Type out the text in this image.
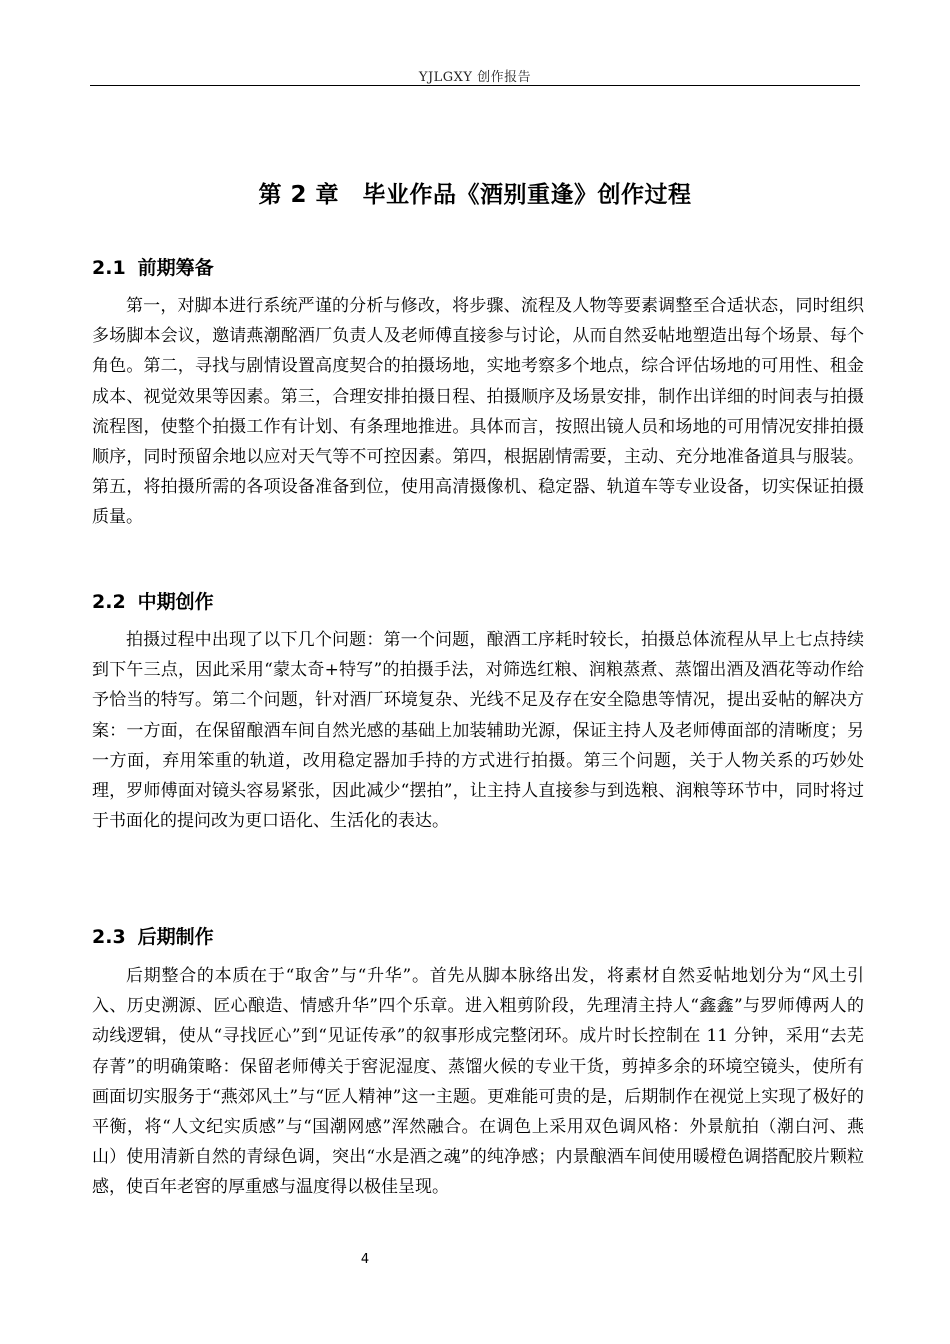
YJLGXY 创作报告
第 2 章　毕业作品《酒别重逢》创作过程
2.1 前期筹备

第一，对脚本进行系统严谨的分析与修改，将步骤、流程及人物等要素调整至合适状态，同时组织多场脚本会议，邀请燕潮酩酒厂负责人及老师傅直接参与讨论，从而自然妥帖地塑造出每个场景、每个角色。第二，寻找与剧情设置高度契合的拍摄场地，实地考察多个地点，综合评估场地的可用性、租金成本、视觉效果等因素。第三，合理安排拍摄日程、拍摄顺序及场景安排，制作出详细的时间表与拍摄流程图，使整个拍摄工作有计划、有条理地推进。具体而言，按照出镜人员和场地的可用情况安排拍摄顺序，同时预留余地以应对天气等不可控因素。第四，根据剧情需要，主动、充分地准备道具与服装。第五，将拍摄所需的各项设备准备到位，使用高清摄像机、稳定器、轨道车等专业设备，切实保证拍摄质量。

2.2 中期创作

拍摄过程中出现了以下几个问题：第一个问题，酿酒工序耗时较长，拍摄总体流程从早上七点持续到下午三点，因此采用“蒙太奇+特写”的拍摄手法，对筛选红粮、润粮蒸煮、蒸馏出酒及酒花等动作给予恰当的特写。第二个问题，针对酒厂环境复杂、光线不足及存在安全隐患等情况，提出妥帖的解决方案：一方面，在保留酿酒车间自然光感的基础上加装辅助光源，保证主持人及老师傅面部的清晰度；另一方面，弃用笨重的轨道，改用稳定器加手持的方式进行拍摄。第三个问题，关于人物关系的巧妙处理，罗师傅面对镜头容易紧张，因此减少“摆拍”，让主持人直接参与到选粮、润粮等环节中，同时将过于书面化的提问改为更口语化、生活化的表达。

2.3 后期制作

后期整合的本质在于“取舍”与“升华”。首先从脚本脉络出发，将素材自然妥帖地划分为“风土引入、历史溯源、匠心酿造、情感升华”四个乐章。进入粗剪阶段，先理清主持人“鑫鑫”与罗师傅两人的动线逻辑，使从“寻找匠心”到“见证传承”的叙事形成完整闭环。成片时长控制在 11 分钟，采用“去芜存菁”的明确策略：保留老师傅关于窖泥湿度、蒸馏火候的专业干货，剪掉多余的环境空镜头，使所有画面切实服务于“燕郊风土”与“匠人精神”这一主题。更难能可贵的是，后期制作在视觉上实现了极好的平衡，将“人文纪实质感”与“国潮网感”浑然融合。在调色上采用双色调风格：外景航拍（潮白河、燕山）使用清新自然的青绿色调，突出“水是酒之魂”的纯净感；内景酿酒车间使用暖橙色调搭配胶片颗粒感，使百年老窖的厚重感与温度得以极佳呈现。

4
